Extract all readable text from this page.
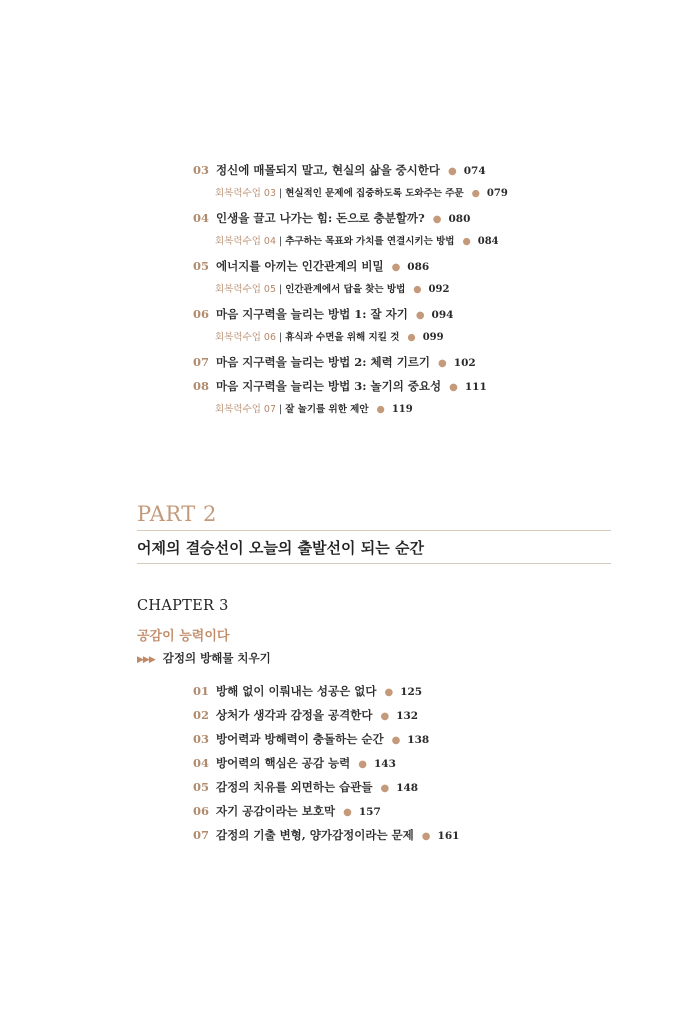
03 정신에 매몰되지 말고, 현실의 삶을 중시한다 ● 074
회복력수업 03 | 현실적인 문제에 집중하도록 도와주는 주문 ● 079
04 인생을 끌고 나가는 힘: 돈으로 충분할까? ● 080
회복력수업 04 | 추구하는 목표와 가치를 연결시키는 방법 ● 084
05 에너지를 아끼는 인간관계의 비밀 ● 086
회복력수업 05 | 인간관계에서 답을 찾는 방법 ● 092
06 마음 지구력을 늘리는 방법 1: 잘 자기 ● 094
회복력수업 06 | 휴식과 수면을 위해 지킬 것 ● 099
07 마음 지구력을 늘리는 방법 2: 체력 기르기 ● 102
08 마음 지구력을 늘리는 방법 3: 놀기의 중요성 ● 111
회복력수업 07 | 잘 놀기를 위한 제안 ● 119
PART 2
어제의 결승선이 오늘의 출발선이 되는 순간
CHAPTER 3
공감이 능력이다
▶▶▶ 감정의 방해물 치우기
01 방해 없이 이뤄내는 성공은 없다 ● 125
02 상처가 생각과 감정을 공격한다 ● 132
03 방어력과 방해력이 충돌하는 순간 ● 138
04 방어력의 핵심은 공감 능력 ● 143
05 감정의 치유를 외면하는 습관들 ● 148
06 자기 공감이라는 보호막 ● 157
07 감정의 기출 변형, 양가감정이라는 문제 ● 161
